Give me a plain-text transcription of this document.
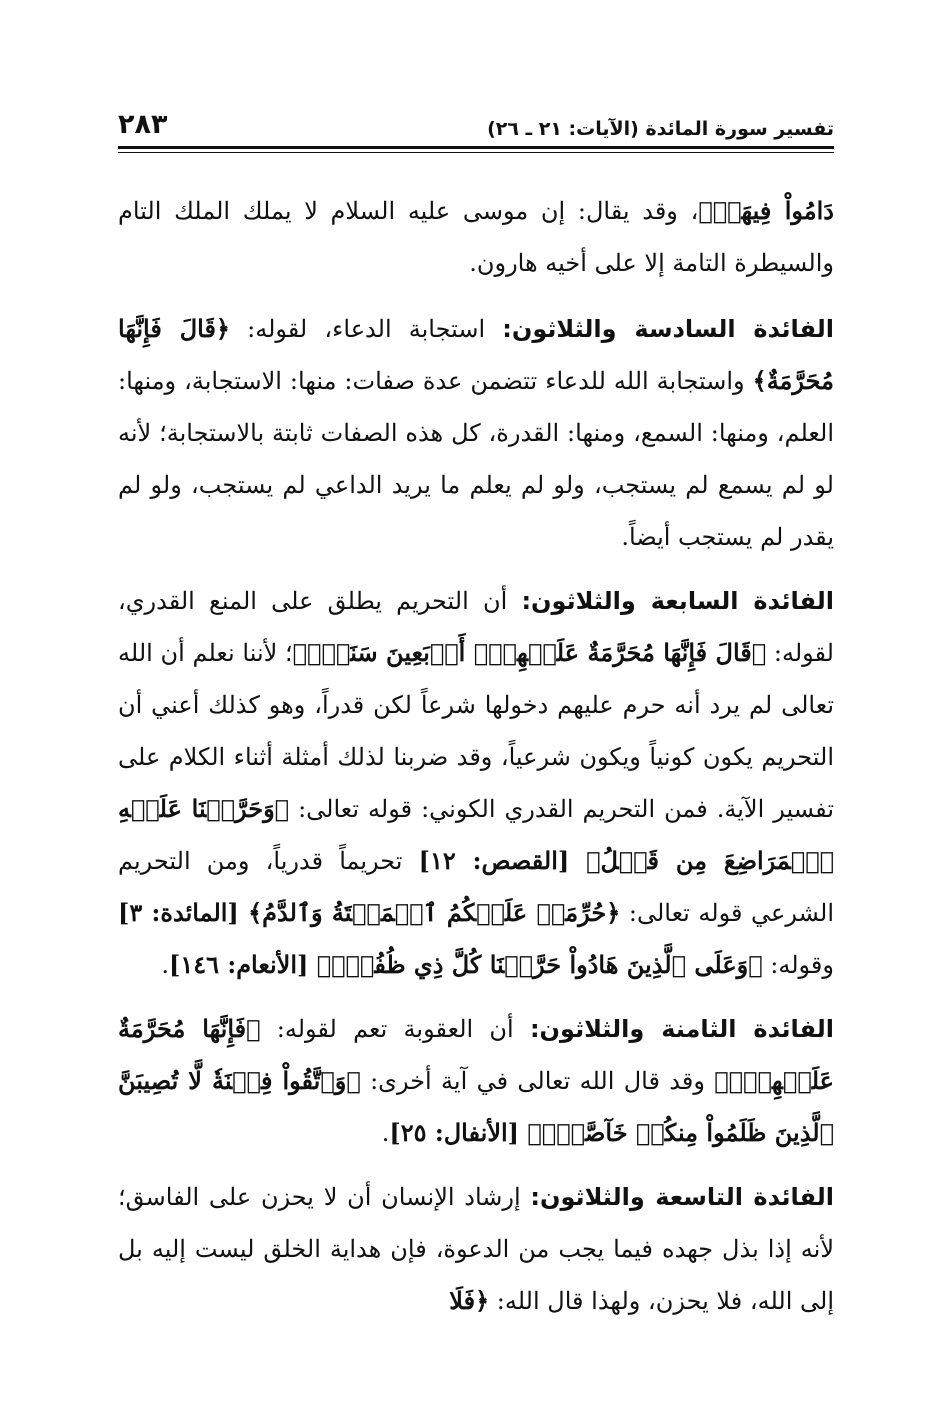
تفسير سورة المائدة (الآيات: ٢١ ـ ٢٦)
٢٨٣

دَامُواْ فِيهَاۖ﴾، وقد يقال: إن موسى عليه السلام لا يملك الملك التام والسيطرة التامة إلا على أخيه هارون.

الفائدة السادسة والثلاثون: استجابة الدعاء، لقوله: ﴿قَالَ فَإِنَّهَا مُحَرَّمَةٌ﴾ واستجابة الله للدعاء تتضمن عدة صفات: منها: الاستجابة، ومنها: العلم، ومنها: السمع، ومنها: القدرة، كل هذه الصفات ثابتة بالاستجابة؛ لأنه لو لم يسمع لم يستجب، ولو لم يعلم ما يريد الداعي لم يستجب، ولو لم يقدر لم يستجب أيضاً.

الفائدة السابعة والثلاثون: أن التحريم يطلق على المنع القدري، لقوله: ﴿قَالَ فَإِنَّهَا مُحَرَّمَةٌ عَلَيۡهِمۡۛ أَرۡبَعِينَ سَنَةٗۛ﴾؛ لأننا نعلم أن الله تعالى لم يرد أنه حرم عليهم دخولها شرعاً لكن قدراً، وهو كذلك أعني أن التحريم يكون كونياً ويكون شرعياً، وقد ضربنا لذلك أمثلة أثناء الكلام على تفسير الآية. فمن التحريم القدري الكوني: قوله تعالى: ﴿وَحَرَّمۡنَا عَلَيۡهِ ٱلۡمَرَاضِعَ مِن قَبۡلُ﴾ [القصص: ١٢] تحريماً قدرياً، ومن التحريم الشرعي قوله تعالى: ﴿حُرِّمَتۡ عَلَيۡكُمُ ٱلۡمَيۡتَةُ وَٱلدَّمُ﴾ [المائدة: ٣] وقوله: ﴿وَعَلَى ٱلَّذِينَ هَادُواْ حَرَّمۡنَا كُلَّ ذِي ظُفُرٖۖ﴾ [الأنعام: ١٤٦].

الفائدة الثامنة والثلاثون: أن العقوبة تعم لقوله: ﴿فَإِنَّهَا مُحَرَّمَةٌ عَلَيۡهِمۡۛ﴾ وقد قال الله تعالى في آية أخرى: ﴿وَٱتَّقُواْ فِتۡنَةٗ لَّا تُصِيبَنَّ ٱلَّذِينَ ظَلَمُواْ مِنكُمۡ خَآصَّةٗۖ﴾ [الأنفال: ٢٥].

الفائدة التاسعة والثلاثون: إرشاد الإنسان أن لا يحزن على الفاسق؛ لأنه إذا بذل جهده فيما يجب من الدعوة، فإن هداية الخلق ليست إليه بل إلى الله، فلا يحزن، ولهذا قال الله: ﴿فَلَا
